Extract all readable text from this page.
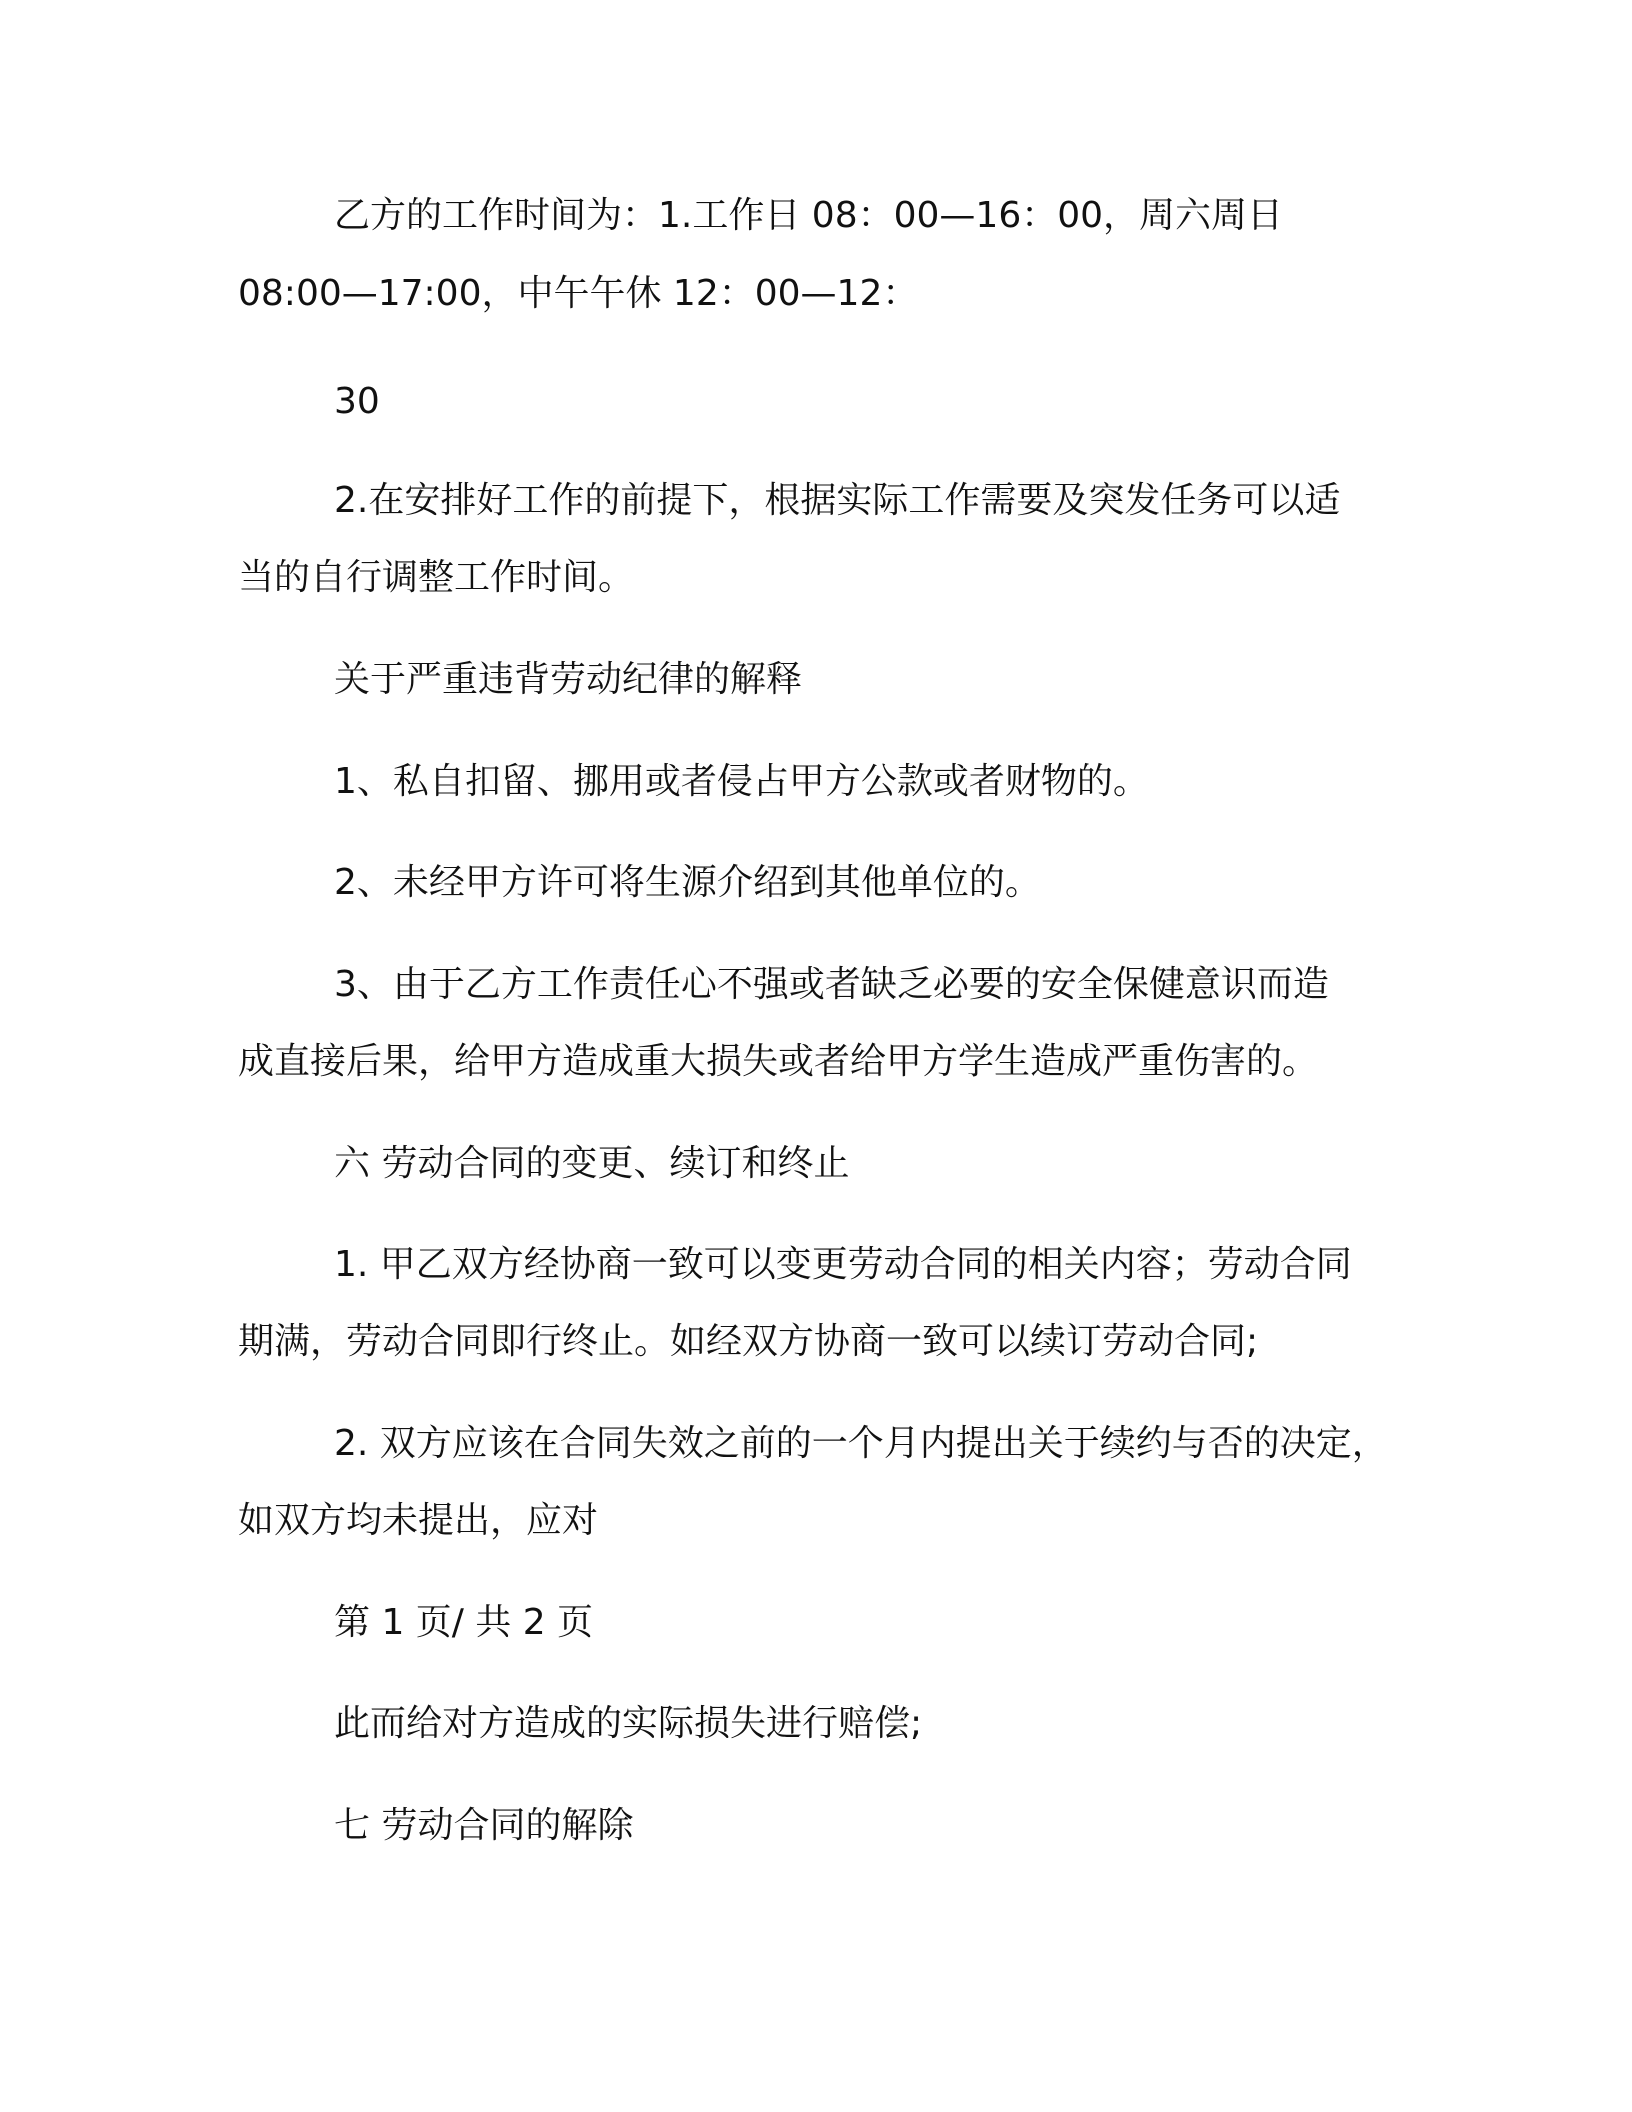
乙方的工作时间为：1.工作日 08：00—16：00，周六周日

08:00—17:00，中午午休 12：00—12：

30

2.在安排好工作的前提下，根据实际工作需要及突发任务可以适

当的自行调整工作时间。

关于严重违背劳动纪律的解释

1、私自扣留、挪用或者侵占甲方公款或者财物的。

2、未经甲方许可将生源介绍到其他单位的。

3、由于乙方工作责任心不强或者缺乏必要的安全保健意识而造

成直接后果，给甲方造成重大损失或者给甲方学生造成严重伤害的。

六 劳动合同的变更、续订和终止

1. 甲乙双方经协商一致可以变更劳动合同的相关内容；劳动合同

期满，劳动合同即行终止。如经双方协商一致可以续订劳动合同;

2. 双方应该在合同失效之前的一个月内提出关于续约与否的决定，

如双方均未提出，应对

第 1 页/ 共 2 页

此而给对方造成的实际损失进行赔偿;

七 劳动合同的解除
